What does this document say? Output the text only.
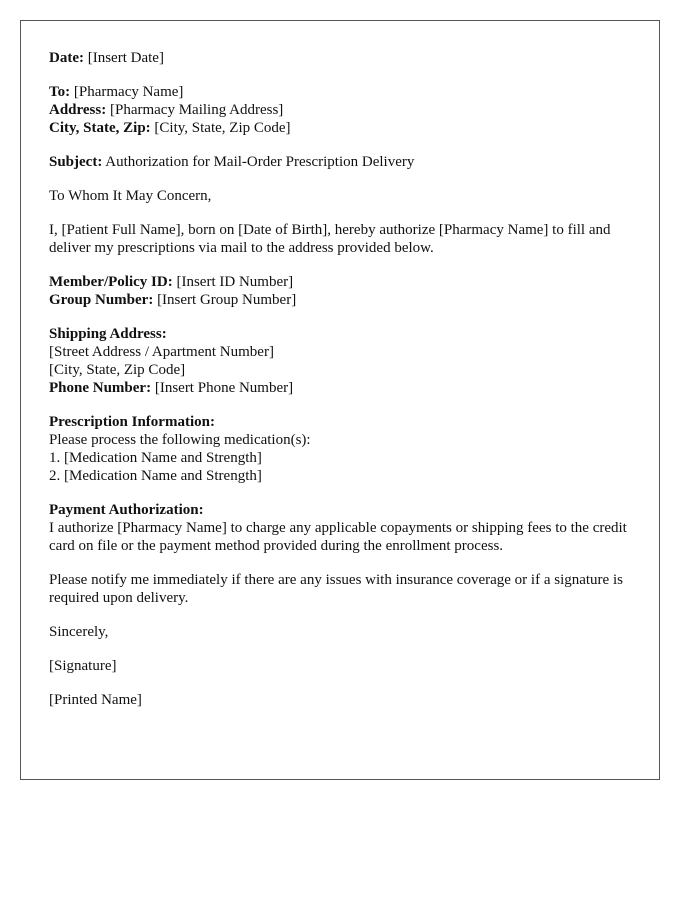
Date: [Insert Date]
To: [Pharmacy Name]
Address: [Pharmacy Mailing Address]
City, State, Zip: [City, State, Zip Code]
Subject: Authorization for Mail-Order Prescription Delivery

To Whom It May Concern,

I, [Patient Full Name], born on [Date of Birth], hereby authorize [Pharmacy Name] to fill and deliver my prescriptions via mail to the address provided below.

Member/Policy ID: [Insert ID Number]
Group Number: [Insert Group Number]
Shipping Address:
[Street Address / Apartment Number]
[City, State, Zip Code]
Phone Number: [Insert Phone Number]
Prescription Information:
Please process the following medication(s):
1. [Medication Name and Strength]
2. [Medication Name and Strength]
Payment Authorization:
I authorize [Pharmacy Name] to charge any applicable copayments or shipping fees to the credit card on file or the payment method provided during the enrollment process.

Please notify me immediately if there are any issues with insurance coverage or if a signature is required upon delivery.

Sincerely,

[Signature]

[Printed Name]
